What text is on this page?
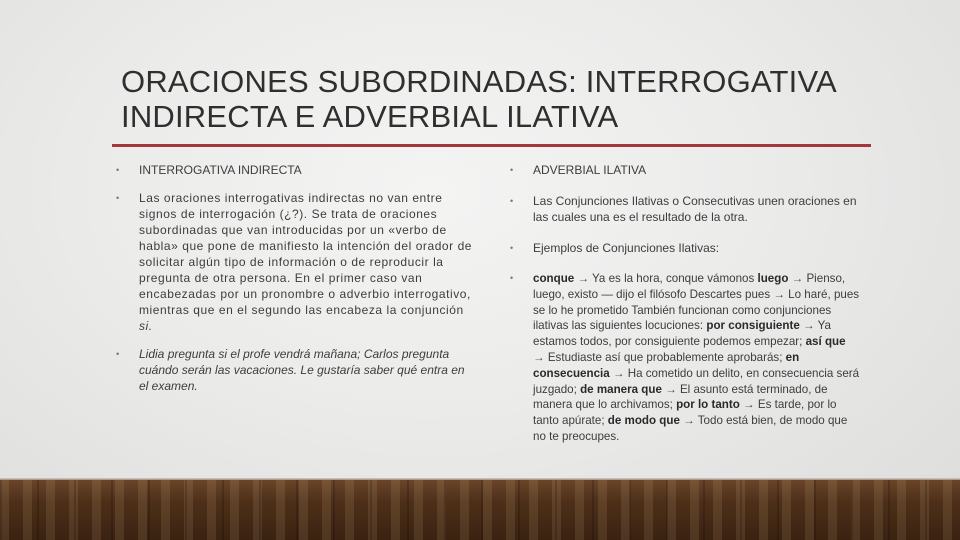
ORACIONES SUBORDINADAS: INTERROGATIVA
INDIRECTA E ADVERBIAL ILATIVA
• INTERROGATIVA INDIRECTA
• Las oraciones interrogativas indirectas no van entre signos de interrogación (¿?). Se trata de oraciones subordinadas que van introducidas por un «verbo de habla» que pone de manifiesto la intención del orador de solicitar algún tipo de información o de reproducir la pregunta de otra persona. En el primer caso van encabezadas por un pronombre o adverbio interrogativo, mientras que en el segundo las encabeza la conjunción si.
• Lidia pregunta si el profe vendrá mañana; Carlos pregunta cuándo serán las vacaciones. Le gustaría saber qué entra en el examen.
• ADVERBIAL ILATIVA
• Las Conjunciones Ilativas o Consecutivas unen oraciones en las cuales una es el resultado de la otra.
• Ejemplos de Conjunciones Ilativas:
• conque → Ya es la hora, conque vámonos luego → Pienso, luego, existo — dijo el filósofo Descartes pues → Lo haré, pues se lo he prometido También funcionan como conjunciones ilativas las siguientes locuciones: por consiguiente → Ya estamos todos, por consiguiente podemos empezar; así que → Estudiaste así que probablemente aprobarás; en consecuencia → Ha cometido un delito, en consecuencia será juzgado; de manera que → El asunto está terminado, de manera que lo archivamos; por lo tanto → Es tarde, por lo tanto apúrate; de modo que → Todo está bien, de modo que no te preocupes.
